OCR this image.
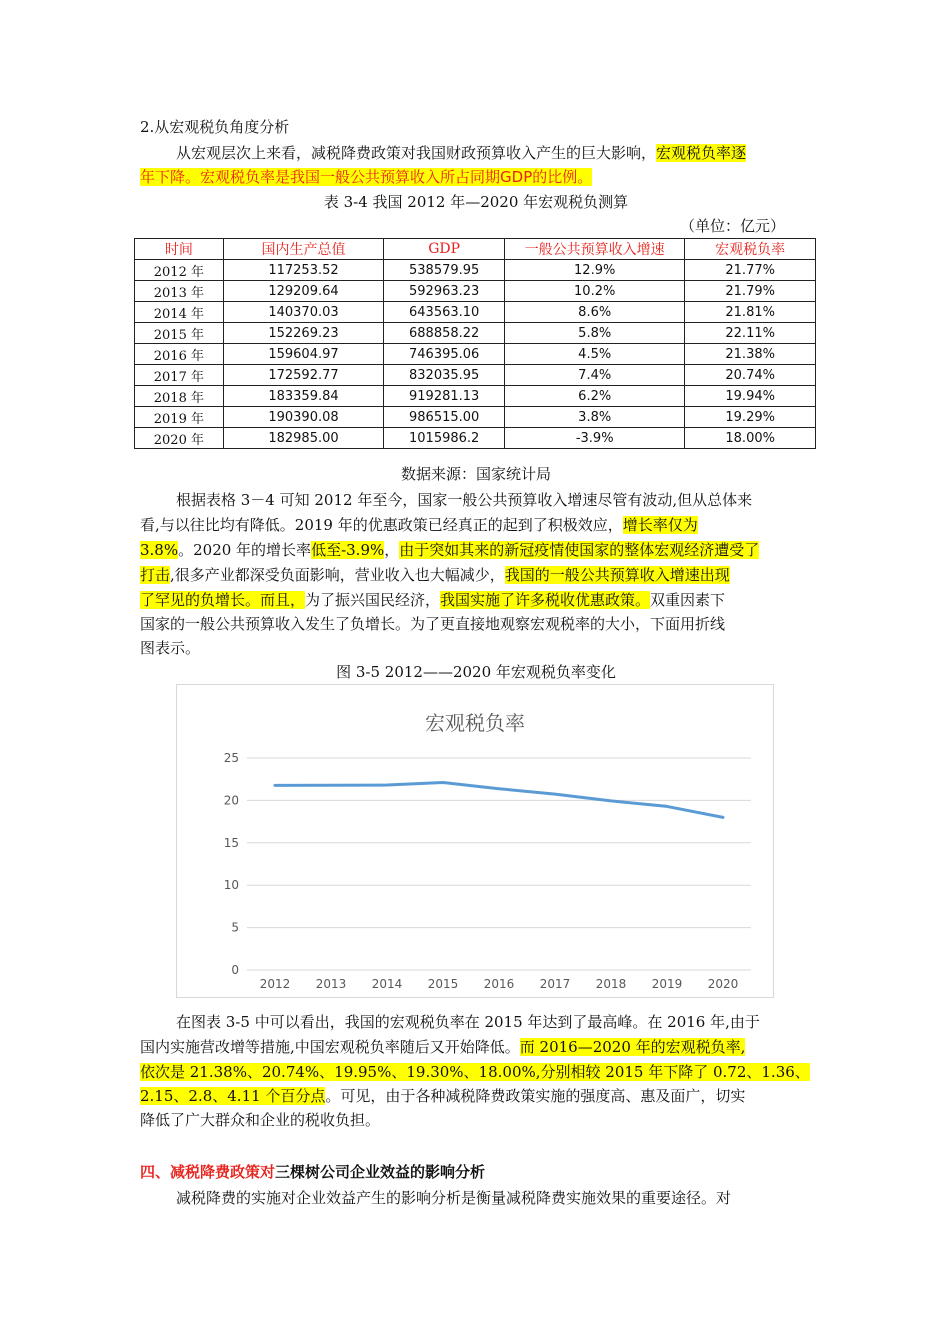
2.从宏观税负角度分析
从宏观层次上来看，减税降费政策对我国财政预算收入产生的巨大影响，宏观税负率逐
年下降。宏观税负率是我国一般公共预算收入所占同期GDP的比例。
表 3-4 我国 2012 年—2020 年宏观税负测算
（单位：亿元）
时间	国内生产总值	GDP	一般公共预算收入增速	宏观税负率
2012 年	117253.52	538579.95	12.9%	21.77%
2013 年	129209.64	592963.23	10.2%	21.79%
2014 年	140370.03	643563.10	8.6%	21.81%
2015 年	152269.23	688858.22	5.8%	22.11%
2016 年	159604.97	746395.06	4.5%	21.38%
2017 年	172592.77	832035.95	7.4%	20.74%
2018 年	183359.84	919281.13	6.2%	19.94%
2019 年	190390.08	986515.00	3.8%	19.29%
2020 年	182985.00	1015986.2	-3.9%	18.00%
数据来源：国家统计局
根据表格 3－4 可知 2012 年至今，国家一般公共预算收入增速尽管有波动,但从总体来
看,与以往比均有降低。2019 年的优惠政策已经真正的起到了积极效应，增长率仅为
3.8%。2020 年的增长率低至-3.9%，由于突如其来的新冠疫情使国家的整体宏观经济遭受了
打击,很多产业都深受负面影响，营业收入也大幅减少，我国的一般公共预算收入增速出现
了罕见的负增长。而且，为了振兴国民经济，我国实施了许多税收优惠政策。双重因素下
国家的一般公共预算收入发生了负增长。为了更直接地观察宏观税率的大小，下面用折线
图表示。
图 3-5 2012——2020 年宏观税负率变化
宏观税负率
0
5
10
15
20
25
2012 2013 2014 2015 2016 2017 2018 2019 2020
在图表 3-5 中可以看出，我国的宏观税负率在 2015 年达到了最高峰。在 2016 年,由于
国内实施营改增等措施,中国宏观税负率随后又开始降低。而 2016—2020 年的宏观税负率,
依次是 21.38%、20.74%、19.95%、19.30%、18.00%,分别相较 2015 年下降了 0.72、1.36、
2.15、2.8、4.11 个百分点。可见，由于各种减税降费政策实施的强度高、惠及面广，切实
降低了广大群众和企业的税收负担。
四、减税降费政策对三棵树公司企业效益的影响分析
减税降费的实施对企业效益产生的影响分析是衡量减税降费实施效果的重要途径。对
